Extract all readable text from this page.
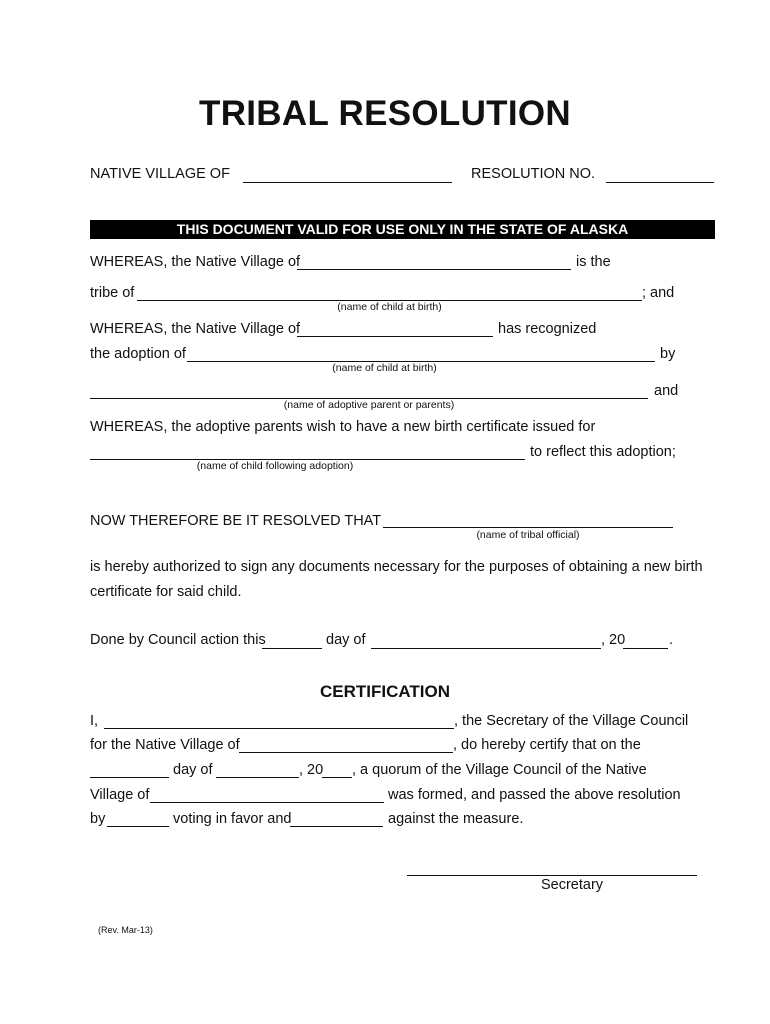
TRIBAL RESOLUTION
NATIVE VILLAGE OF	RESOLUTION NO.
THIS DOCUMENT VALID FOR USE ONLY IN THE STATE OF ALASKA
WHEREAS, the Native Village of	is the
tribe of	; and
(name of child at birth)
WHEREAS, the Native Village of	has recognized
the adoption of	by
(name of child at birth)
and
(name of adoptive parent or parents)
WHEREAS, the adoptive parents wish to have a new birth certificate issued for
to reflect this adoption;
(name of child following adoption)
NOW THEREFORE BE IT RESOLVED THAT
(name of tribal official)
is hereby authorized to sign any documents necessary for the purposes of obtaining a new birth
certificate for said child.
Done by Council action this	day of	, 20	.
CERTIFICATION
I,	, the Secretary of the Village Council
for the Native Village of	, do hereby certify that on the
day of	, 20 , a quorum of the Village Council of the Native
Village of	was formed, and passed the above resolution
by	voting in favor and	against the measure.
Secretary
(Rev. Mar-13)
